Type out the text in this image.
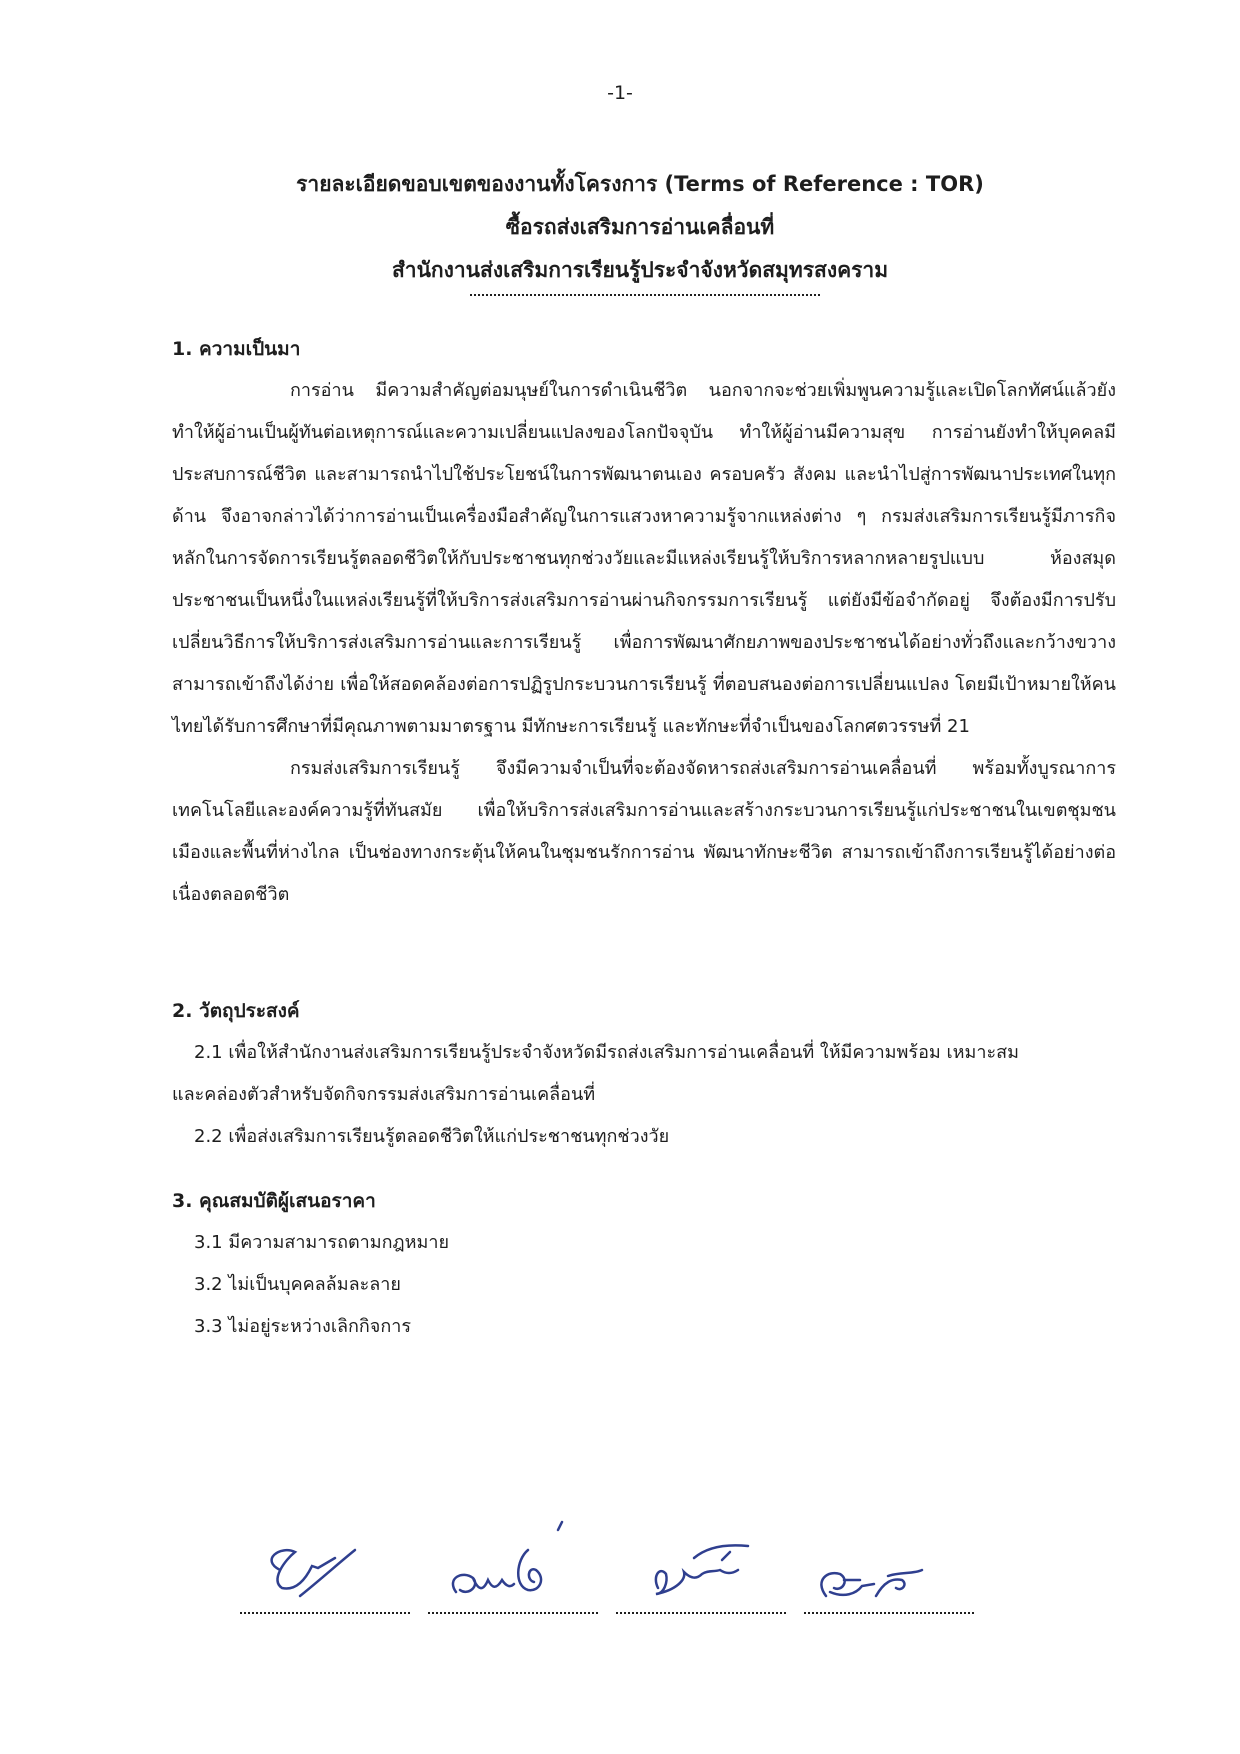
-1-
รายละเอียดขอบเขตของงานทั้งโครงการ (Terms of Reference : TOR)
ซื้อรถส่งเสริมการอ่านเคลื่อนที่
สำนักงานส่งเสริมการเรียนรู้ประจำจังหวัดสมุทรสงคราม
1. ความเป็นมา

การอ่าน มีความสำคัญต่อมนุษย์ในการดำเนินชีวิต นอกจากจะช่วยเพิ่มพูนความรู้และเปิดโลกทัศน์แล้วยังทำให้ผู้อ่านเป็นผู้ทันต่อเหตุการณ์และความเปลี่ยนแปลงของโลกปัจจุบัน ทำให้ผู้อ่านมีความสุข การอ่านยังทำให้บุคคลมีประสบการณ์ชีวิต และสามารถนำไปใช้ประโยชน์ในการพัฒนาตนเอง ครอบครัว สังคม และนำไปสู่การพัฒนาประเทศในทุกด้าน จึงอาจกล่าวได้ว่าการอ่านเป็นเครื่องมือสำคัญในการแสวงหาความรู้จากแหล่งต่าง ๆ กรมส่งเสริมการเรียนรู้มีภารกิจหลักในการจัดการเรียนรู้ตลอดชีวิตให้กับประชาชนทุกช่วงวัยและมีแหล่งเรียนรู้ให้บริการหลากหลายรูปแบบ ห้องสมุดประชาชนเป็นหนึ่งในแหล่งเรียนรู้ที่ให้บริการส่งเสริมการอ่านผ่านกิจกรรมการเรียนรู้ แต่ยังมีข้อจำกัดอยู่ จึงต้องมีการปรับเปลี่ยนวิธีการให้บริการส่งเสริมการอ่านและการเรียนรู้ เพื่อการพัฒนาศักยภาพของประชาชนได้อย่างทั่วถึงและกว้างขวาง สามารถเข้าถึงได้ง่าย เพื่อให้สอดคล้องต่อการปฏิรูปกระบวนการเรียนรู้ ที่ตอบสนองต่อการเปลี่ยนแปลง โดยมีเป้าหมายให้คนไทยได้รับการศึกษาที่มีคุณภาพตามมาตรฐาน มีทักษะการเรียนรู้ และทักษะที่จำเป็นของโลกศตวรรษที่ 21

กรมส่งเสริมการเรียนรู้ จึงมีความจำเป็นที่จะต้องจัดหารถส่งเสริมการอ่านเคลื่อนที่ พร้อมทั้งบูรณาการเทคโนโลยีและองค์ความรู้ที่ทันสมัย เพื่อให้บริการส่งเสริมการอ่านและสร้างกระบวนการเรียนรู้แก่ประชาชนในเขตชุมชนเมืองและพื้นที่ห่างไกล เป็นช่องทางกระตุ้นให้คนในชุมชนรักการอ่าน พัฒนาทักษะชีวิต สามารถเข้าถึงการเรียนรู้ได้อย่างต่อเนื่องตลอดชีวิต

2. วัตถุประสงค์

2.1 เพื่อให้สำนักงานส่งเสริมการเรียนรู้ประจำจังหวัดมีรถส่งเสริมการอ่านเคลื่อนที่ ให้มีความพร้อม เหมาะสม

และคล่องตัวสำหรับจัดกิจกรรมส่งเสริมการอ่านเคลื่อนที่

2.2 เพื่อส่งเสริมการเรียนรู้ตลอดชีวิตให้แก่ประชาชนทุกช่วงวัย

3. คุณสมบัติผู้เสนอราคา

3.1 มีความสามารถตามกฎหมาย

3.2 ไม่เป็นบุคคลล้มละลาย

3.3 ไม่อยู่ระหว่างเลิกกิจการ
